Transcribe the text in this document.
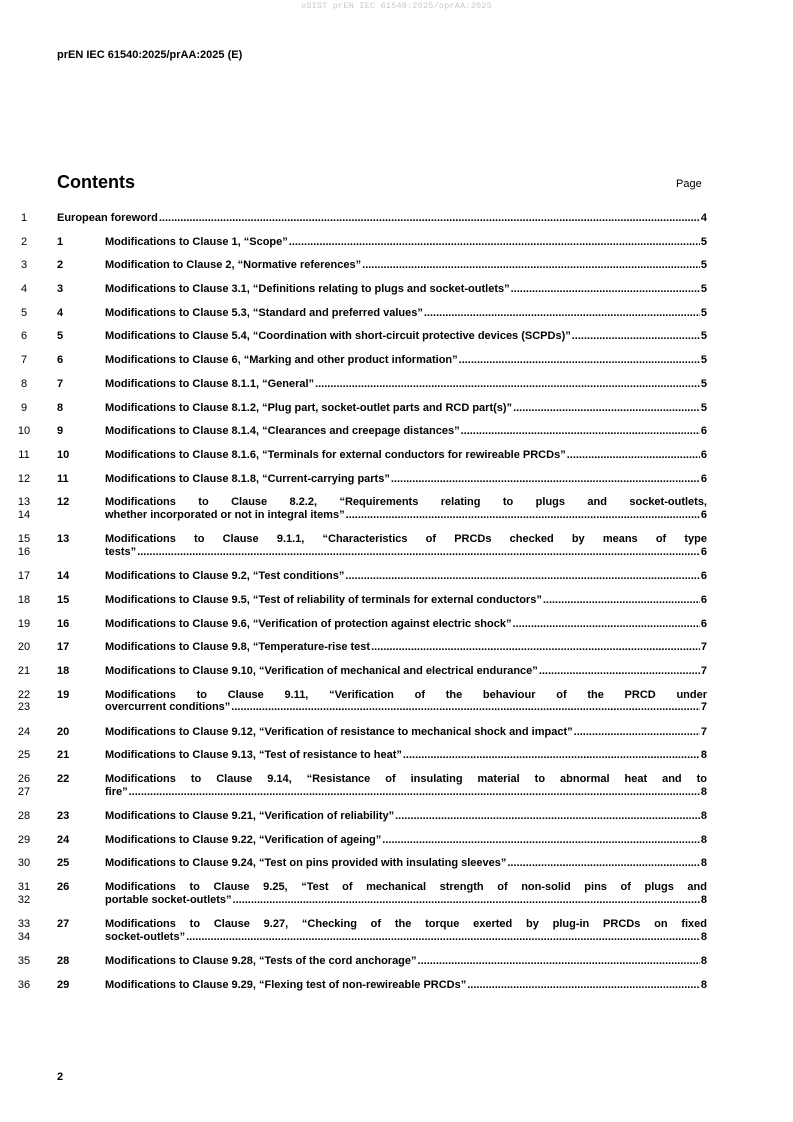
oSIST prEN IEC 61540:2025/oprAA:2025
prEN IEC 61540:2025/prAA:2025 (E)
Contents	Page
1	European foreword .....	4
2	1	Modifications to Clause 1, “Scope” .....	5
3	2	Modification to Clause 2, “Normative references” .....	5
4	3	Modifications to Clause 3.1, “Definitions relating to plugs and socket-outlets” .....	5
5	4	Modifications to Clause 5.3, “Standard and preferred values” .....	5
6	5	Modifications to Clause 5.4, “Coordination with short-circuit protective devices (SCPDs)” .....	5
7	6	Modifications to Clause 6, “Marking and other product information” .....	5
8	7	Modifications to Clause 8.1.1, “General” .....	5
9	8	Modifications to Clause 8.1.2, “Plug part, socket-outlet parts and RCD part(s)” .....	5
10	9	Modifications to Clause 8.1.4, “Clearances and creepage distances” .....	6
11	10	Modifications to Clause 8.1.6, “Terminals for external conductors for rewireable PRCDs” .....	6
12	11	Modifications to Clause 8.1.8, “Current-carrying parts” .....	6
13
14
12	Modifications to Clause 8.2.2, “Requirements relating to plugs and socket-outlets,
whether incorporated or not in integral items” .....	6
15
16
13	Modifications to Clause 9.1.1, “Characteristics of PRCDs checked by means of type
tests” .....	6
17	14	Modifications to Clause 9.2, “Test conditions” .....	6
18	15	Modifications to Clause 9.5, “Test of reliability of terminals for external conductors” .....	6
19	16	Modifications to Clause 9.6, “Verification of protection against electric shock” .....	6
20	17	Modifications to Clause 9.8, “Temperature-rise test .....	7
21	18	Modifications to Clause 9.10, “Verification of mechanical and electrical endurance” .....	7
22
23
19	Modifications to Clause 9.11, “Verification of the behaviour of the PRCD under
overcurrent conditions” .....	7
24	20	Modifications to Clause 9.12, “Verification of resistance to mechanical shock and impact” .....	7
25	21	Modifications to Clause 9.13, “Test of resistance to heat” .....	8
26
27
22	Modifications to Clause 9.14, “Resistance of insulating material to abnormal heat and to
fire” .....	8
28	23	Modifications to Clause 9.21, “Verification of reliability” .....	8
29	24	Modifications to Clause 9.22, “Verification of ageing” .....	8
30	25	Modifications to Clause 9.24, “Test on pins provided with insulating sleeves” .....	8
31
32
26	Modifications to Clause 9.25, “Test of mechanical strength of non-solid pins of plugs and
portable socket-outlets” .....	8
33
34
27	Modifications to Clause 9.27, “Checking of the torque exerted by plug-in PRCDs on fixed
socket-outlets” .....	8
35	28	Modifications to Clause 9.28, “Tests of the cord anchorage” .....	8
36	29	Modifications to Clause 9.29, “Flexing test of non-rewireable PRCDs” .....	8
2
